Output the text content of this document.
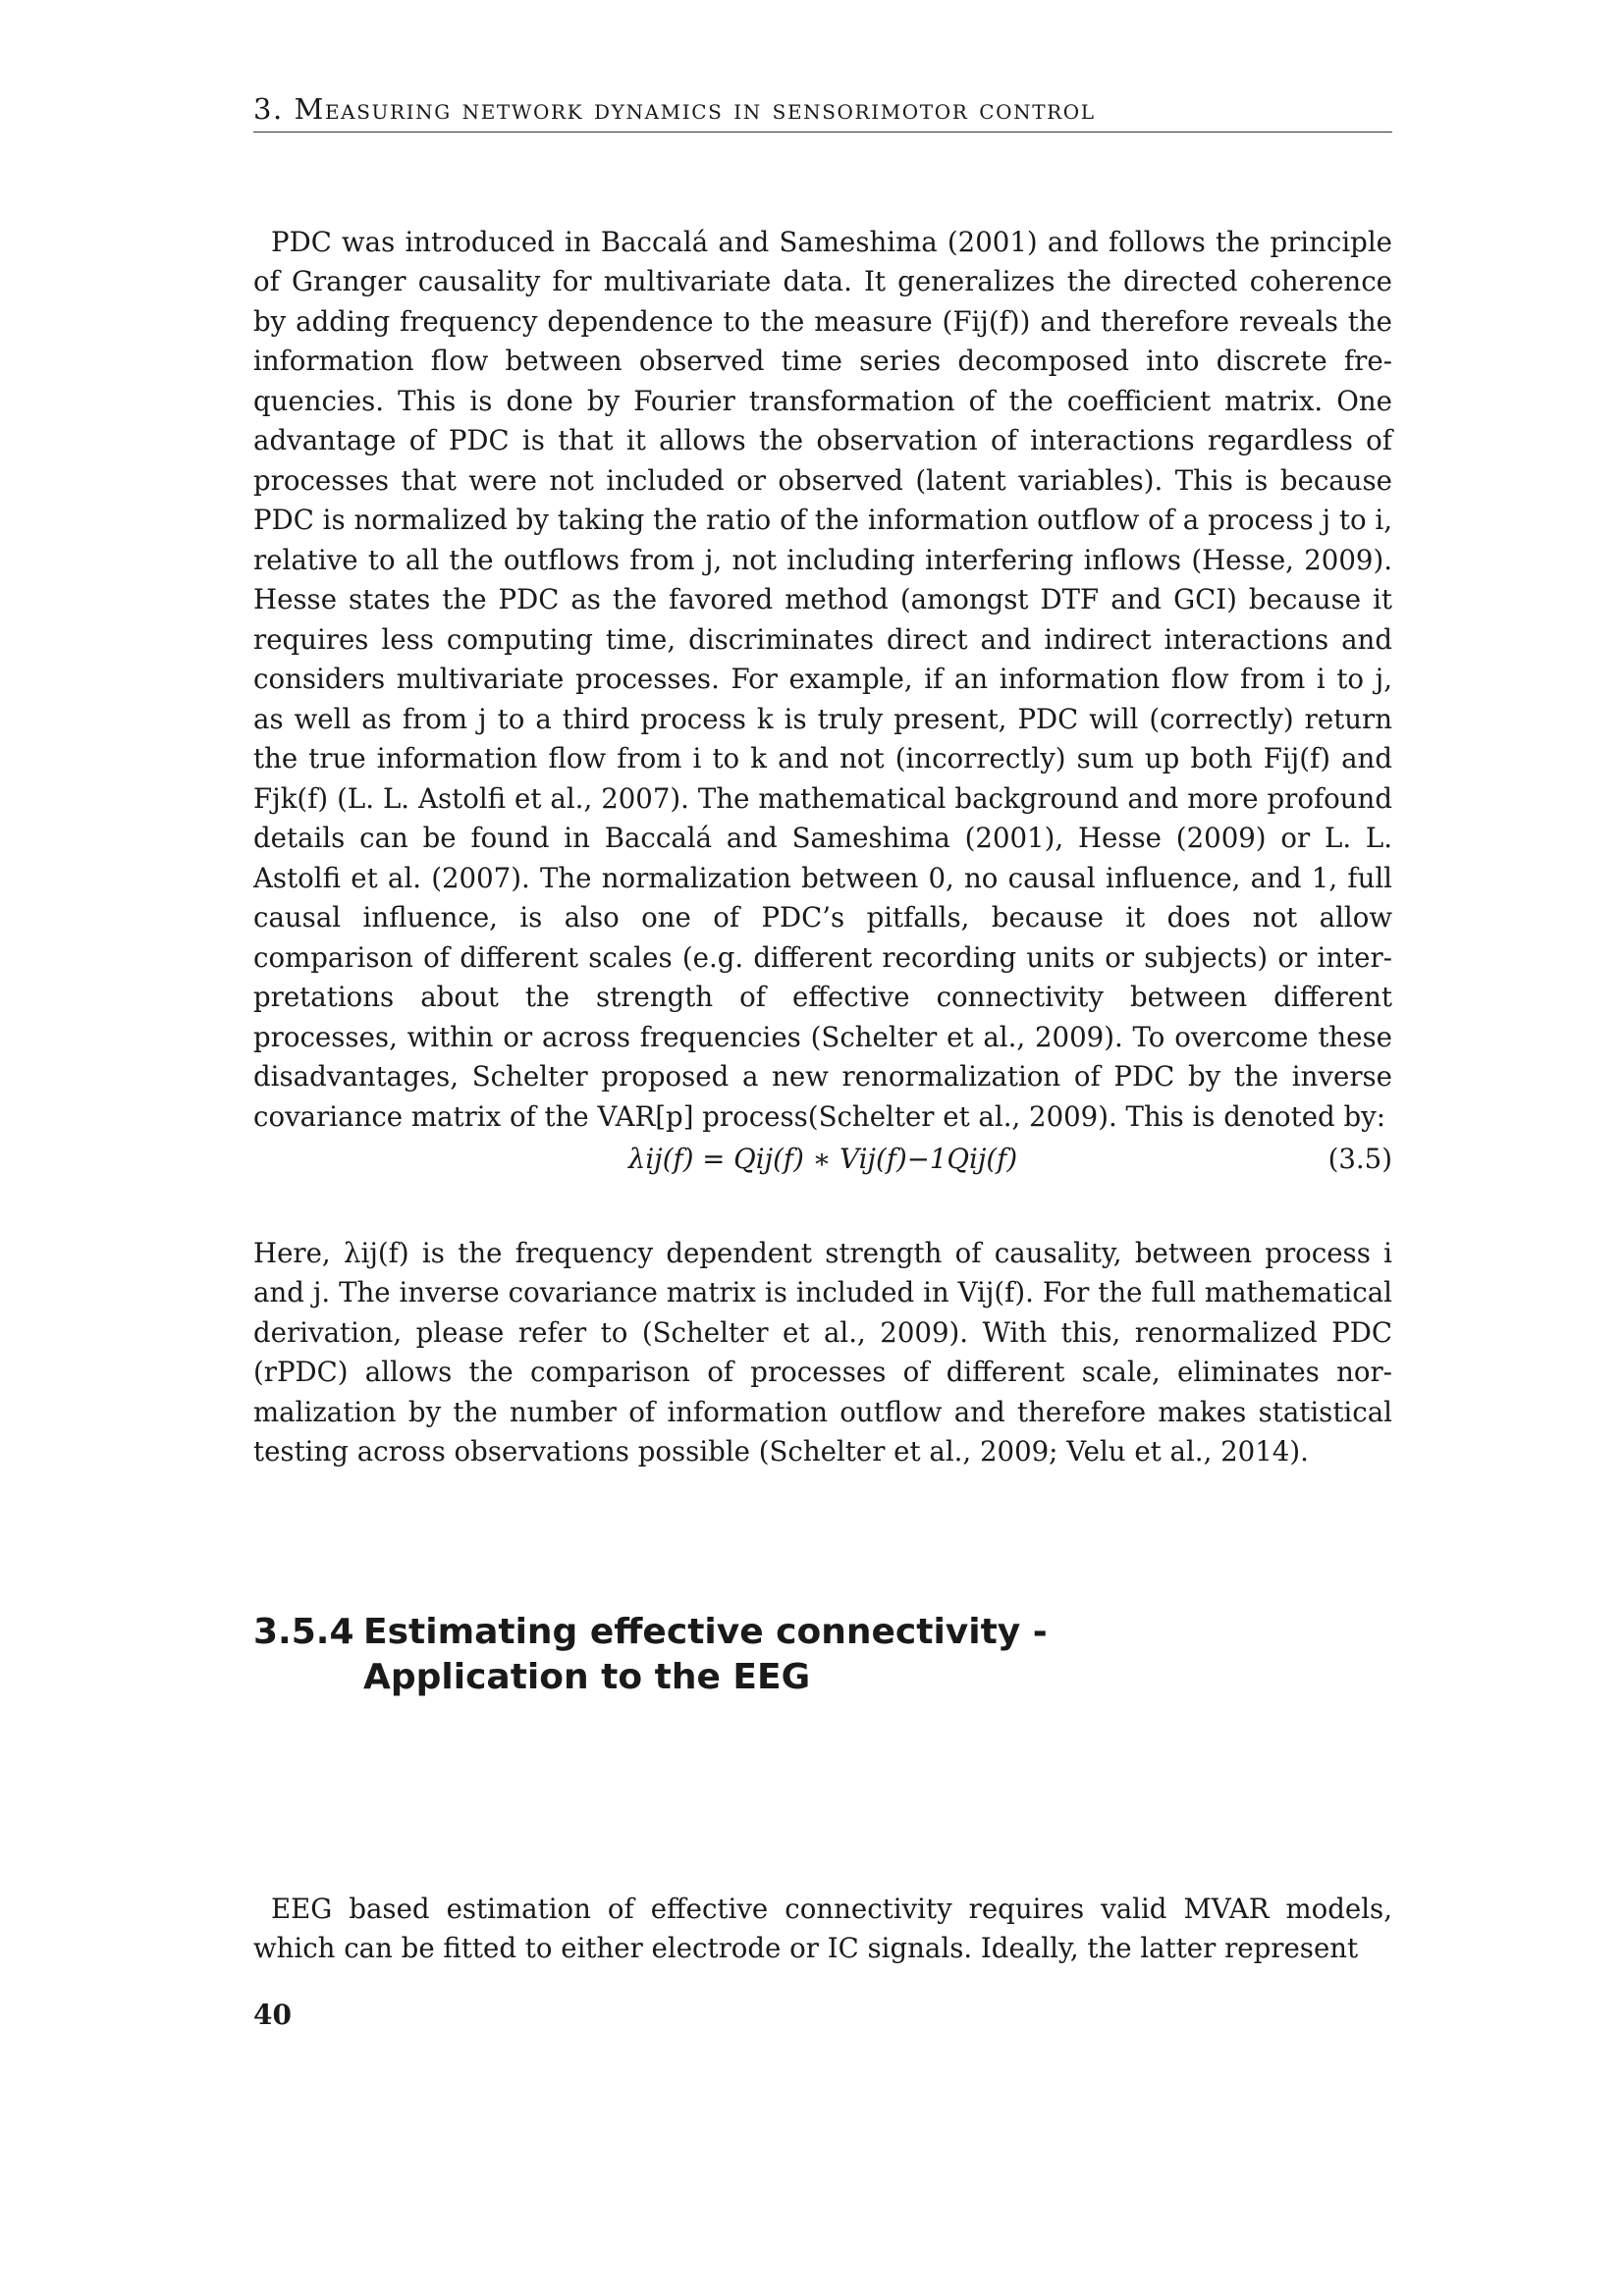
3. Measuring network dynamics in sensorimotor control

PDC was introduced in Baccalá and Sameshima (2001) and follows the principle of Granger causality for multivariate data. It generalizes the directed coherence by adding frequency dependence to the measure (Fij(f)) and therefore reveals the information flow between observed time series decomposed into discrete frequencies. This is done by Fourier transformation of the coefficient matrix. One advantage of PDC is that it allows the observation of interactions regardless of processes that were not included or observed (latent variables). This is because PDC is normalized by taking the ratio of the information outflow of a process j to i, relative to all the outflows from j, not including interfering inflows (Hesse, 2009). Hesse states the PDC as the favored method (amongst DTF and GCI) because it requires less computing time, discriminates direct and indirect interactions and considers multivariate processes. For example, if an information flow from i to j, as well as from j to a third process k is truly present, PDC will (correctly) return the true information flow from i to k and not (incorrectly) sum up both Fij(f) and Fjk(f) (L. L. Astolfi et al., 2007). The mathematical background and more profound details can be found in Baccalá and Sameshima (2001), Hesse (2009) or L. L. Astolfi et al. (2007). The normalization between 0, no causal influence, and 1, full causal influence, is also one of PDC’s pitfalls, because it does not allow comparison of different scales (e.g. different recording units or subjects) or interpretations about the strength of effective connectivity between different processes, within or across frequencies (Schelter et al., 2009). To overcome these disadvantages, Schelter proposed a new renormalization of PDC by the inverse covariance matrix of the VAR[p] process(Schelter et al., 2009). This is denoted by:

λij(f) = Qij(f) ∗ Vij(f)−1Qij(f)	(3.5)

Here, λij(f) is the frequency dependent strength of causality, between process i and j. The inverse covariance matrix is included in Vij(f). For the full mathematical derivation, please refer to (Schelter et al., 2009). With this, renormalized PDC (rPDC) allows the comparison of processes of different scale, eliminates normalization by the number of information outflow and therefore makes statistical testing across observations possible (Schelter et al., 2009; Velu et al., 2014).

3.5.4 Estimating effective connectivity - Application to the EEG

EEG based estimation of effective connectivity requires valid MVAR models, which can be fitted to either electrode or IC signals. Ideally, the latter represent

40
